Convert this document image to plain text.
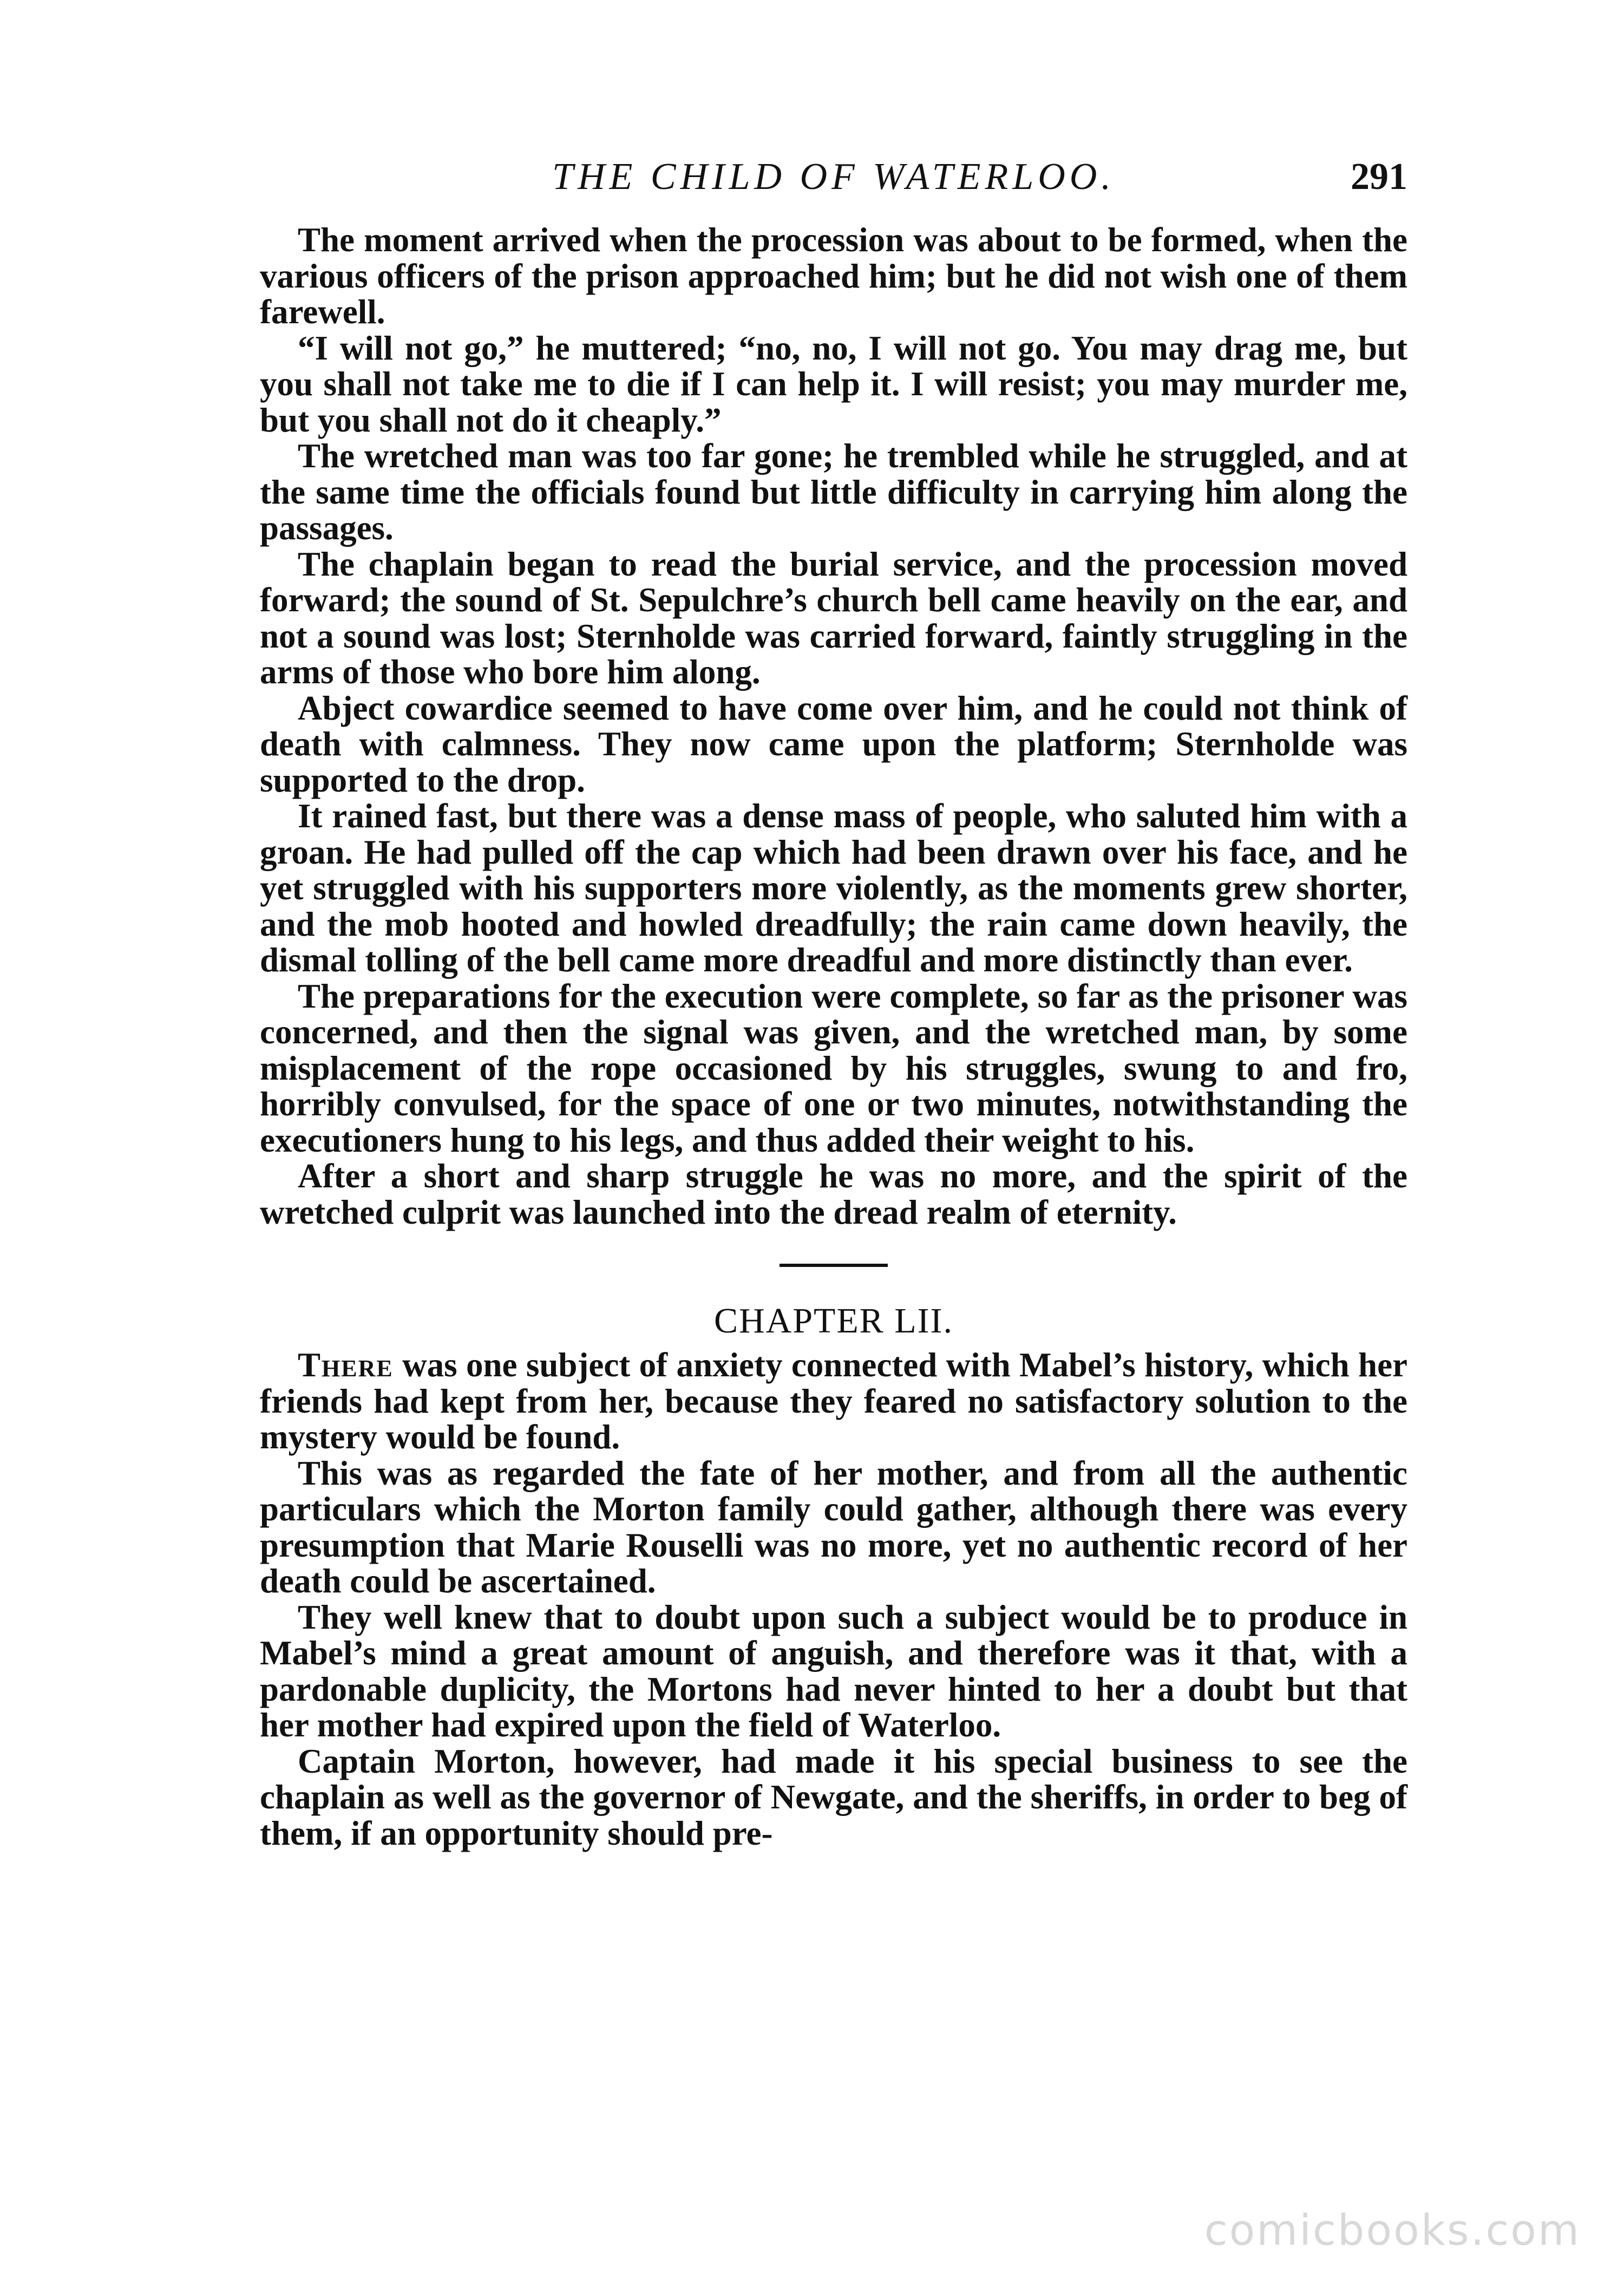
THE CHILD OF WATERLOO.	291

The moment arrived when the procession was about to be formed, when the various officers of the prison approached him; but he did not wish one of them farewell.

“I will not go,” he muttered; “no, no, I will not go. You may drag me, but you shall not take me to die if I can help it. I will resist; you may murder me, but you shall not do it cheaply.”

The wretched man was too far gone; he trembled while he struggled, and at the same time the officials found but little difficulty in carrying him along the passages.

The chaplain began to read the burial service, and the procession moved forward; the sound of St. Sepulchre’s church bell came heavily on the ear, and not a sound was lost; Sternholde was carried forward, faintly struggling in the arms of those who bore him along.

Abject cowardice seemed to have come over him, and he could not think of death with calmness. They now came upon the platform; Sternholde was supported to the drop.

It rained fast, but there was a dense mass of people, who saluted him with a groan. He had pulled off the cap which had been drawn over his face, and he yet struggled with his supporters more violently, as the moments grew shorter, and the mob hooted and howled dreadfully; the rain came down heavily, the dismal tolling of the bell came more dreadful and more distinctly than ever.

The preparations for the execution were complete, so far as the prisoner was concerned, and then the signal was given, and the wretched man, by some misplacement of the rope occasioned by his struggles, swung to and fro, horribly convulsed, for the space of one or two minutes, notwithstanding the executioners hung to his legs, and thus added their weight to his.

After a short and sharp struggle he was no more, and the spirit of the wretched culprit was launched into the dread realm of eternity.

CHAPTER LII.

There was one subject of anxiety connected with Mabel’s history, which her friends had kept from her, because they feared no satisfactory solution to the mystery would be found.

This was as regarded the fate of her mother, and from all the authentic particulars which the Morton family could gather, although there was every presumption that Marie Rouselli was no more, yet no authentic record of her death could be ascertained.

They well knew that to doubt upon such a subject would be to produce in Mabel’s mind a great amount of anguish, and therefore was it that, with a pardonable duplicity, the Mortons had never hinted to her a doubt but that her mother had expired upon the field of Waterloo.

Captain Morton, however, had made it his special business to see the chaplain as well as the governor of Newgate, and the sheriffs, in order to beg of them, if an opportunity should pre-

comicbooks.com
